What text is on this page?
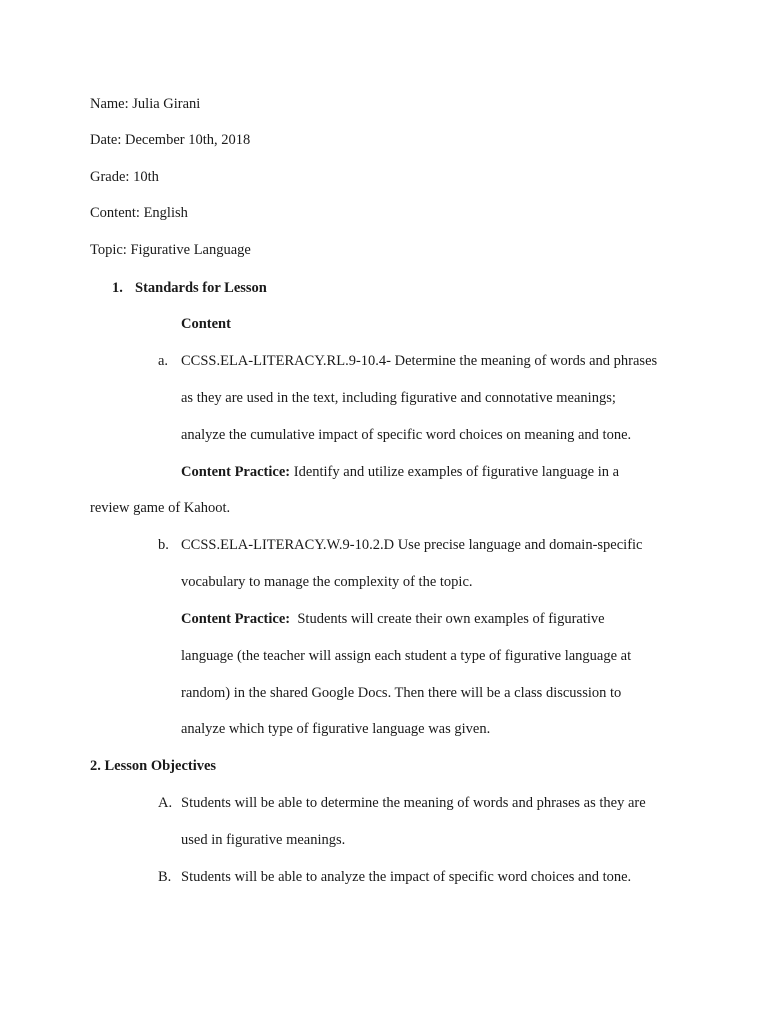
Name: Julia Girani
Date: December 10th, 2018
Grade: 10th
Content: English
Topic: Figurative Language
1. Standards for Lesson
Content
a. CCSS.ELA-LITERACY.RL.9-10.4- Determine the meaning of words and phrases
as they are used in the text, including figurative and connotative meanings;
analyze the cumulative impact of specific word choices on meaning and tone.
Content Practice: Identify and utilize examples of figurative language in a
review game of Kahoot.
b. CCSS.ELA-LITERACY.W.9-10.2.D Use precise language and domain-specific
vocabulary to manage the complexity of the topic.
Content Practice:  Students will create their own examples of figurative
language (the teacher will assign each student a type of figurative language at
random) in the shared Google Docs. Then there will be a class discussion to
analyze which type of figurative language was given.
2. Lesson Objectives
A. Students will be able to determine the meaning of words and phrases as they are
used in figurative meanings.
B. Students will be able to analyze the impact of specific word choices and tone.
